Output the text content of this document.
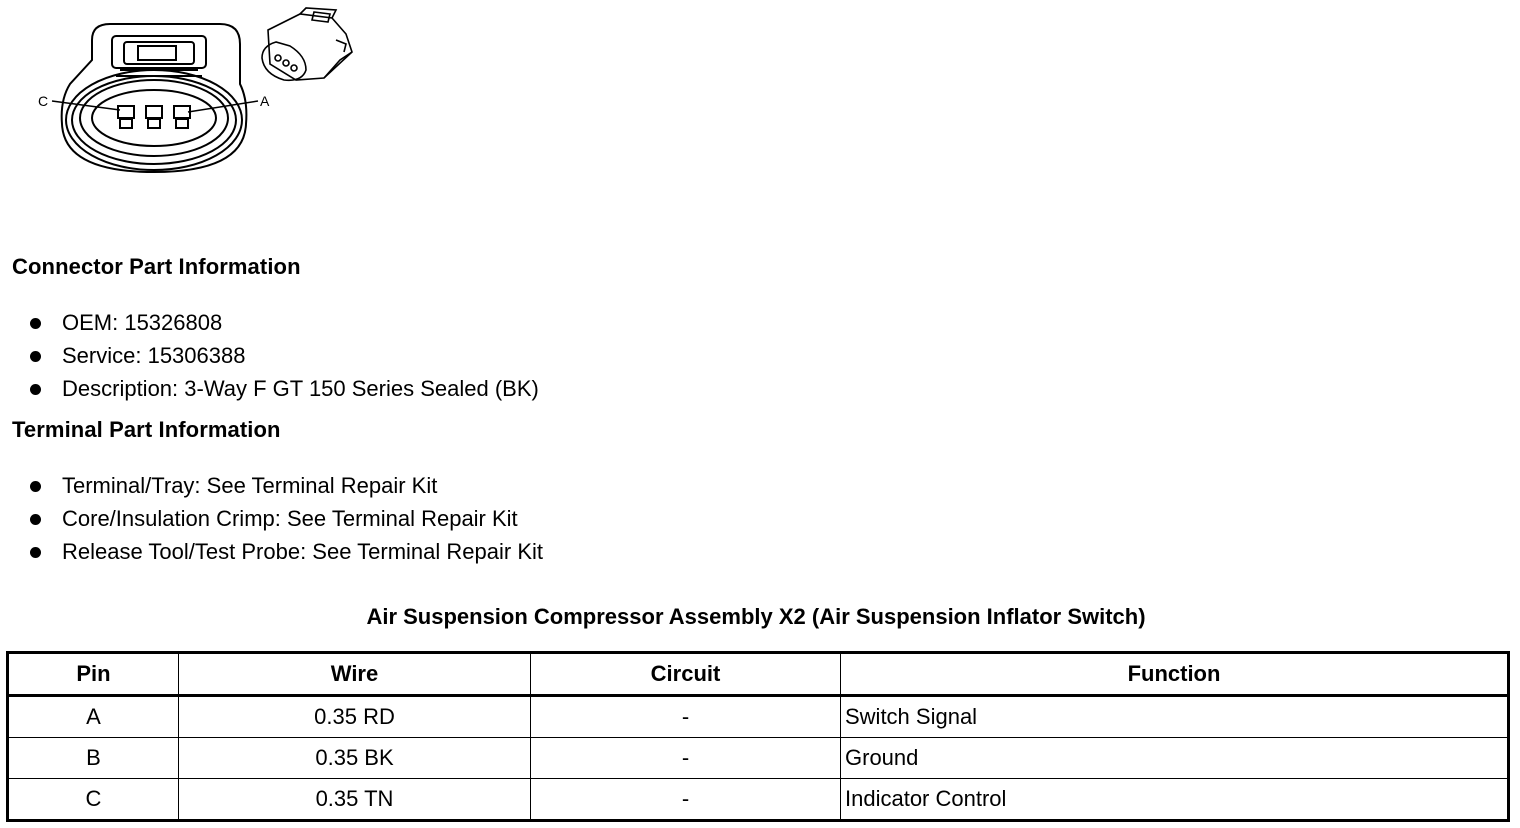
C	A
Connector Part Information
OEM: 15326808
Service: 15306388
Description: 3-Way F GT 150 Series Sealed (BK)
Terminal Part Information
Terminal/Tray: See Terminal Repair Kit
Core/Insulation Crimp: See Terminal Repair Kit
Release Tool/Test Probe: See Terminal Repair Kit
Air Suspension Compressor Assembly X2 (Air Suspension Inflator Switch)
Pin	Wire	Circuit	Function
A	0.35 RD	-	Switch Signal
B	0.35 BK	-	Ground
C	0.35 TN	-	Indicator Control
